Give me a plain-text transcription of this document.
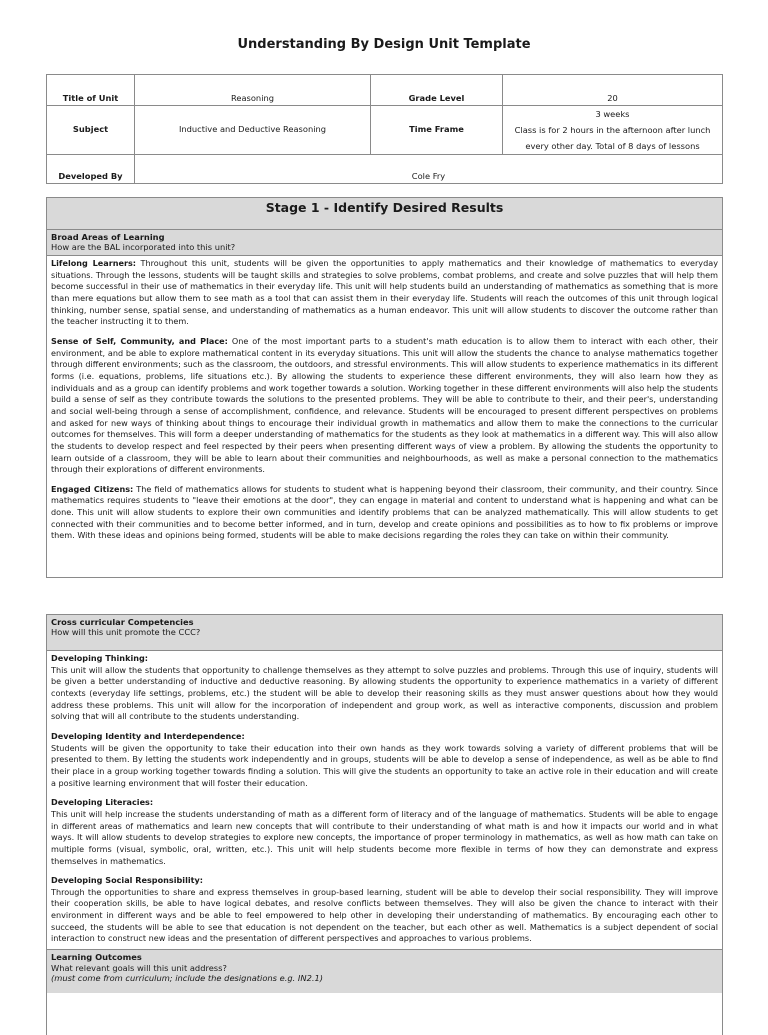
Understanding By Design Unit Template
Title of Unit	Reasoning	Grade Level	20
Subject	Inductive and Deductive Reasoning	Time Frame	3 weeks
Class is for 2 hours in the afternoon after lunch
every other day. Total of 8 days of lessons

Developed By	Cole Fry		
Stage 1 - Identify Desired Results
Broad Areas of Learning
How are the BAL incorporated into this unit?

Lifelong Learners: Throughout this unit, students will be given the opportunities to apply mathematics and their knowledge of mathematics to everyday situations. Through the lessons, students will be taught skills and strategies to solve problems, combat problems, and create and solve puzzles that will help them become successful in their use of mathematics in their everyday life. This unit will help students build an understanding of mathematics as something that is more than mere equations but allow them to see math as a tool that can assist them in their everyday life. Students will reach the outcomes of this unit through logical thinking, number sense, spatial sense, and understanding of mathematics as a human endeavor. This unit will allow students to discover the outcome rather than the teacher instructing it to them.

Sense of Self, Community, and Place: One of the most important parts to a student's math education is to allow them to interact with each other, their environment, and be able to explore mathematical content in its everyday situations. This unit will allow the students the chance to analyse mathematics together through different environments; such as the classroom, the outdoors, and stressful environments. This will allow students to experience mathematics in its different forms (i.e. equations, problems, life situations etc.). By allowing the students to experience these different environments, they will also learn how they as individuals and as a group can identify problems and work together towards a solution. Working together in these different environments will also help the students build a sense of self as they contribute towards the solutions to the presented problems. They will be able to contribute to their, and their peer's, understanding and social well-being through a sense of accomplishment, confidence, and relevance. Students will be encouraged to present different perspectives on problems and asked for new ways of thinking about things to encourage their individual growth in mathematics and allow them to make the connections to the curricular outcomes for themselves. This will form a deeper understanding of mathematics for the students as they look at mathematics in a different way. This will also allow the students to develop respect and feel respected by their peers when presenting different ways of view a problem. By allowing the students the opportunity to learn outside of a classroom, they will be able to learn about their communities and neighbourhoods, as well as make a personal connection to the mathematics through their explorations of different environments.

Engaged Citizens: The field of mathematics allows for students to student what is happening beyond their classroom, their community, and their country. Since mathematics requires students to "leave their emotions at the door", they can engage in material and content to understand what is happening and what can be done. This unit will allow students to explore their own communities and identify problems that can be analyzed mathematically. This will allow students to get connected with their communities and to become better informed, and in turn, develop and create opinions and possibilities as to how to fix problems or improve them. With these ideas and opinions being formed, students will be able to make decisions regarding the roles they can take on within their community.

Cross curricular Competencies
How will this unit promote the CCC?

Developing Thinking:
This unit will allow the students that opportunity to challenge themselves as they attempt to solve puzzles and problems. Through this use of inquiry, students will be given a better understanding of inductive and deductive reasoning. By allowing students the opportunity to experience mathematics in a variety of different contexts (everyday life settings, problems, etc.) the student will be able to develop their reasoning skills as they must answer questions about how they would address these problems. This unit will allow for the incorporation of independent and group work, as well as interactive components, discussion and problem solving that will all contribute to the students understanding.

Developing Identity and Interdependence:
Students will be given the opportunity to take their education into their own hands as they work towards solving a variety of different problems that will be presented to them. By letting the students work independently and in groups, students will be able to develop a sense of independence, as well as be able to find their place in a group working together towards finding a solution. This will give the students an opportunity to take an active role in their education and will create a positive learning environment that will foster their education.

Developing Literacies:
This unit will help increase the students understanding of math as a different form of literacy and of the language of mathematics. Students will be able to engage in different areas of mathematics and learn new concepts that will contribute to their understanding of what math is and how it impacts our world and in what ways. It will allow students to develop strategies to explore new concepts, the importance of proper terminology in mathematics, as well as how math can take on multiple forms (visual, symbolic, oral, written, etc.). This unit will help students become more flexible in terms of how they can demonstrate and express themselves in mathematics.

Developing Social Responsibility:
Through the opportunities to share and express themselves in group-based learning, student will be able to develop their social responsibility. They will improve their cooperation skills, be able to have logical debates, and resolve conflicts between themselves. They will also be given the chance to interact with their environment in different ways and be able to feel empowered to help other in developing their understanding of mathematics. By encouraging each other to succeed, the students will be able to see that education is not dependent on the teacher, but each other as well. Mathematics is a subject dependent of social interaction to construct new ideas and the presentation of different perspectives and approaches to various problems.

Learning Outcomes
What relevant goals will this unit address?
(must come from curriculum; include the designations e.g. IN2.1)
